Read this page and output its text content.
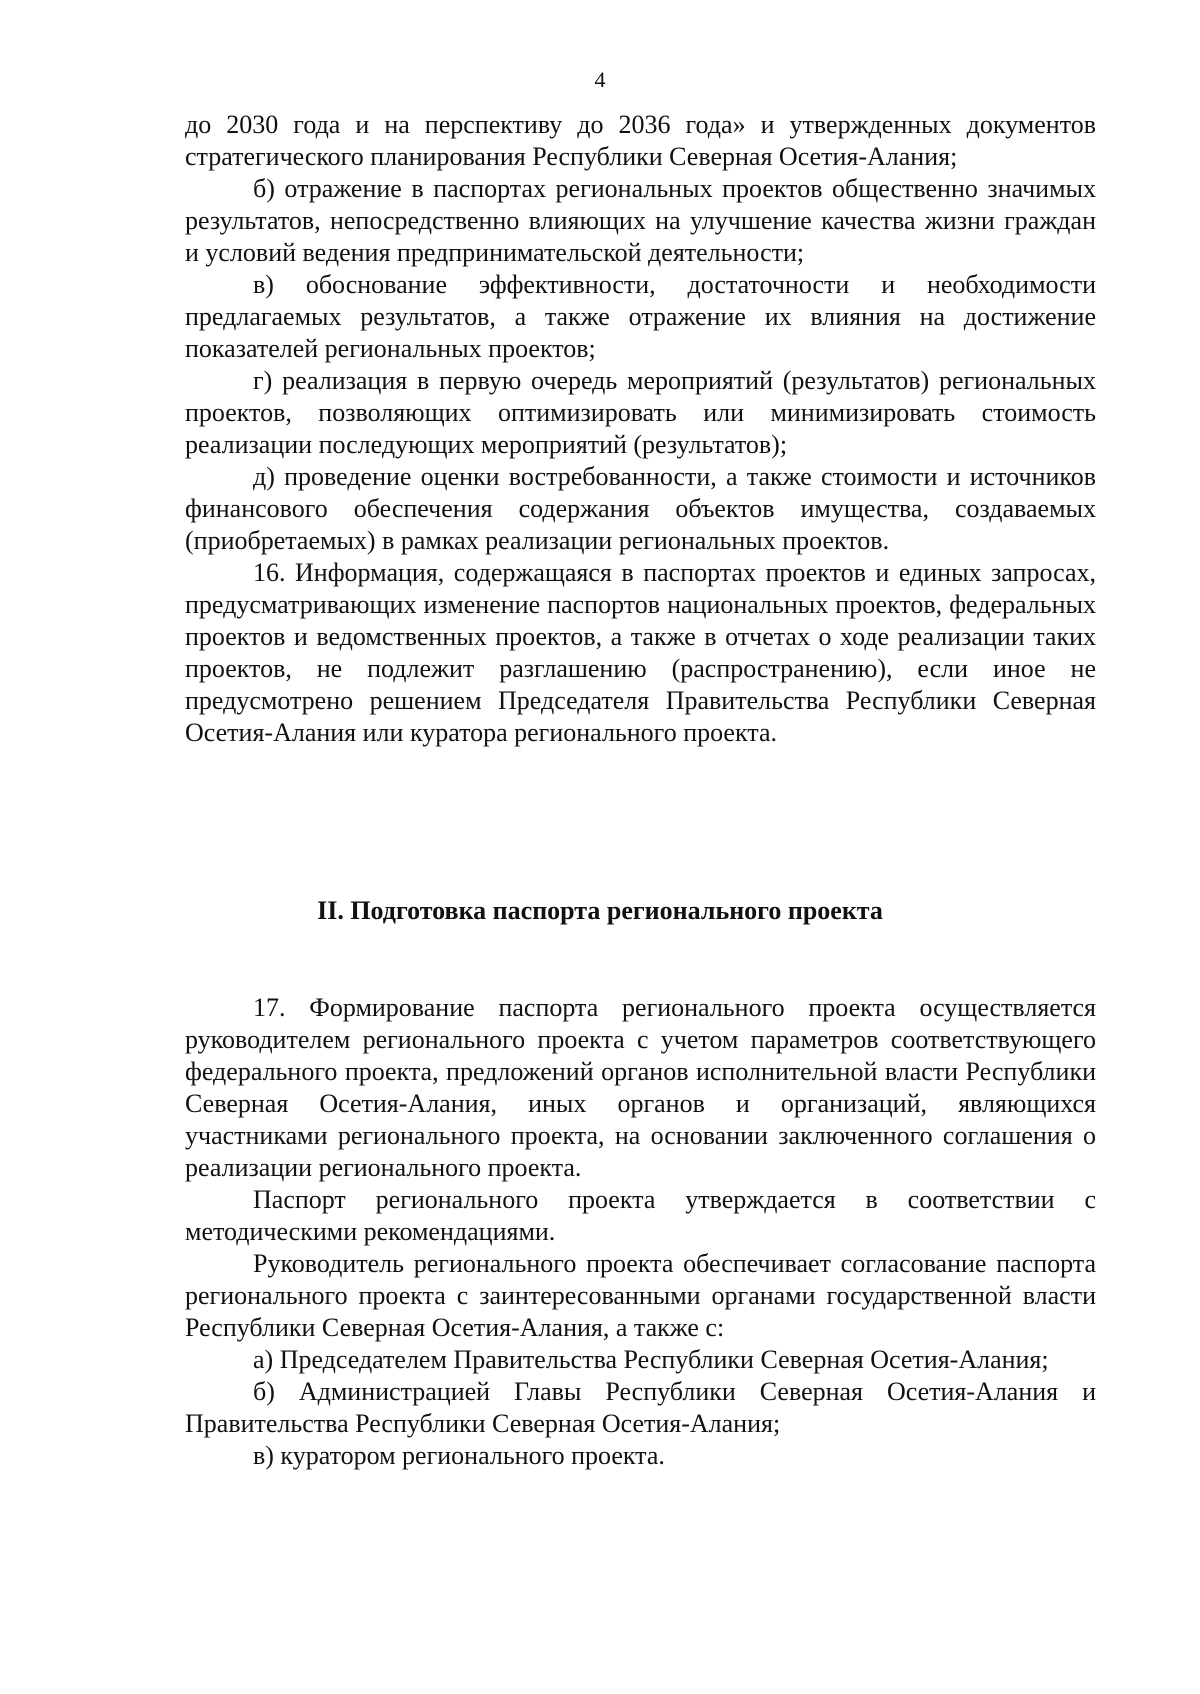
4

до 2030 года и на перспективу до 2036 года» и утвержденных документов стратегического планирования Республики Северная Осетия-Алания;

б) отражение в паспортах региональных проектов общественно значимых результатов, непосредственно влияющих на улучшение качества жизни граждан и условий ведения предпринимательской деятельности;

в) обоснование эффективности, достаточности и необходимости предлагаемых результатов, а также отражение их влияния на достижение показателей региональных проектов;

г) реализация в первую очередь мероприятий (результатов) региональных проектов, позволяющих оптимизировать или минимизировать стоимость реализации последующих мероприятий (результатов);

д) проведение оценки востребованности, а также стоимости и источников финансового обеспечения содержания объектов имущества, создаваемых (приобретаемых) в рамках реализации региональных проектов.

16. Информация, содержащаяся в паспортах проектов и единых запросах, предусматривающих изменение паспортов национальных проектов, федеральных проектов и ведомственных проектов, а также в отчетах о ходе реализации таких проектов, не подлежит разглашению (распространению), если иное не предусмотрено решением Председателя Правительства Республики Северная Осетия-Алания или куратора регионального проекта.

II. Подготовка паспорта регионального проекта

17. Формирование паспорта регионального проекта осуществляется руководителем регионального проекта с учетом параметров соответствующего федерального проекта, предложений органов исполнительной власти Республики Северная Осетия-Алания, иных органов и организаций, являющихся участниками регионального проекта, на основании заключенного соглашения о реализации регионального проекта.

Паспорт регионального проекта утверждается в соответствии с методическими рекомендациями.

Руководитель регионального проекта обеспечивает согласование паспорта регионального проекта с заинтересованными органами государственной власти Республики Северная Осетия-Алания, а также с:

а) Председателем Правительства Республики Северная Осетия-Алания;

б) Администрацией Главы Республики Северная Осетия-Алания и Правительства Республики Северная Осетия-Алания;

в) куратором регионального проекта.
